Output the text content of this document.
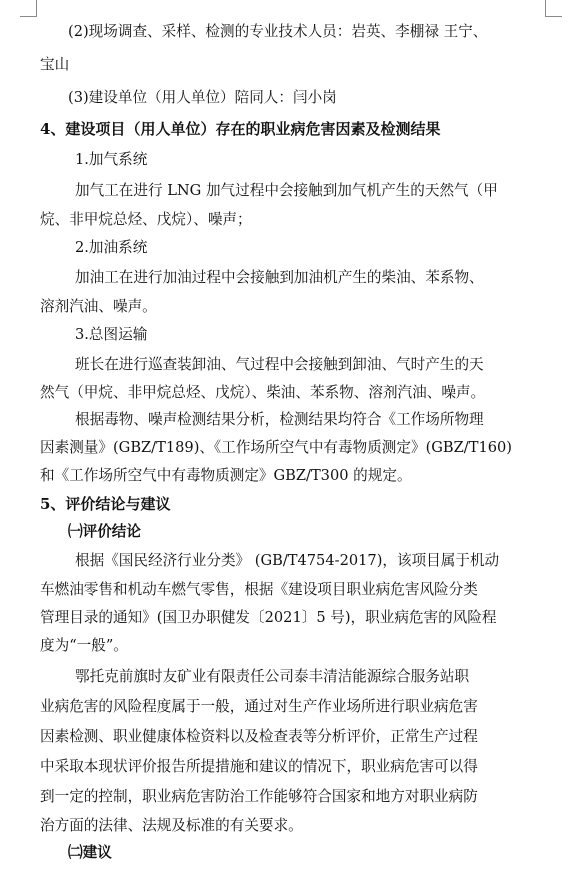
(2)现场调查、采样、检测的专业技术人员：岩英、李棚禄 王宁、
宝山
(3)建设单位（用人单位）陪同人：闫小岗
4、建设项目（用人单位）存在的职业病危害因素及检测结果
1.加气系统
加气工在进行 LNG 加气过程中会接触到加气机产生的天然气（甲
烷、非甲烷总烃、戊烷）、噪声；
2.加油系统
加油工在进行加油过程中会接触到加油机产生的柴油、苯系物、
溶剂汽油、噪声。
3.总图运输
班长在进行巡查装卸油、气过程中会接触到卸油、气时产生的天
然气（甲烷、非甲烷总烃、戊烷）、柴油、苯系物、溶剂汽油、噪声。
根据毒物、噪声检测结果分析，检测结果均符合《工作场所物理
因素测量》(GBZ/T189)、《工作场所空气中有毒物质测定》(GBZ/T160)
和《工作场所空气中有毒物质测定》GBZ/T300 的规定。
5、评价结论与建议
㈠评价结论
根据《国民经济行业分类》 (GB/T4754-2017)，该项目属于机动
车燃油零售和机动车燃气零售，根据《建设项目职业病危害风险分类
管理目录的通知》(国卫办职健发〔2021〕5 号)，职业病危害的风险程
度为“一般”。
鄂托克前旗时友矿业有限责任公司泰丰清洁能源综合服务站职
业病危害的风险程度属于一般，通过对生产作业场所进行职业病危害
因素检测、职业健康体检资料以及检查表等分析评价，正常生产过程
中采取本现状评价报告所提措施和建议的情况下，职业病危害可以得
到一定的控制，职业病危害防治工作能够符合国家和地方对职业病防
治方面的法律、法规及标准的有关要求。
㈡建议
